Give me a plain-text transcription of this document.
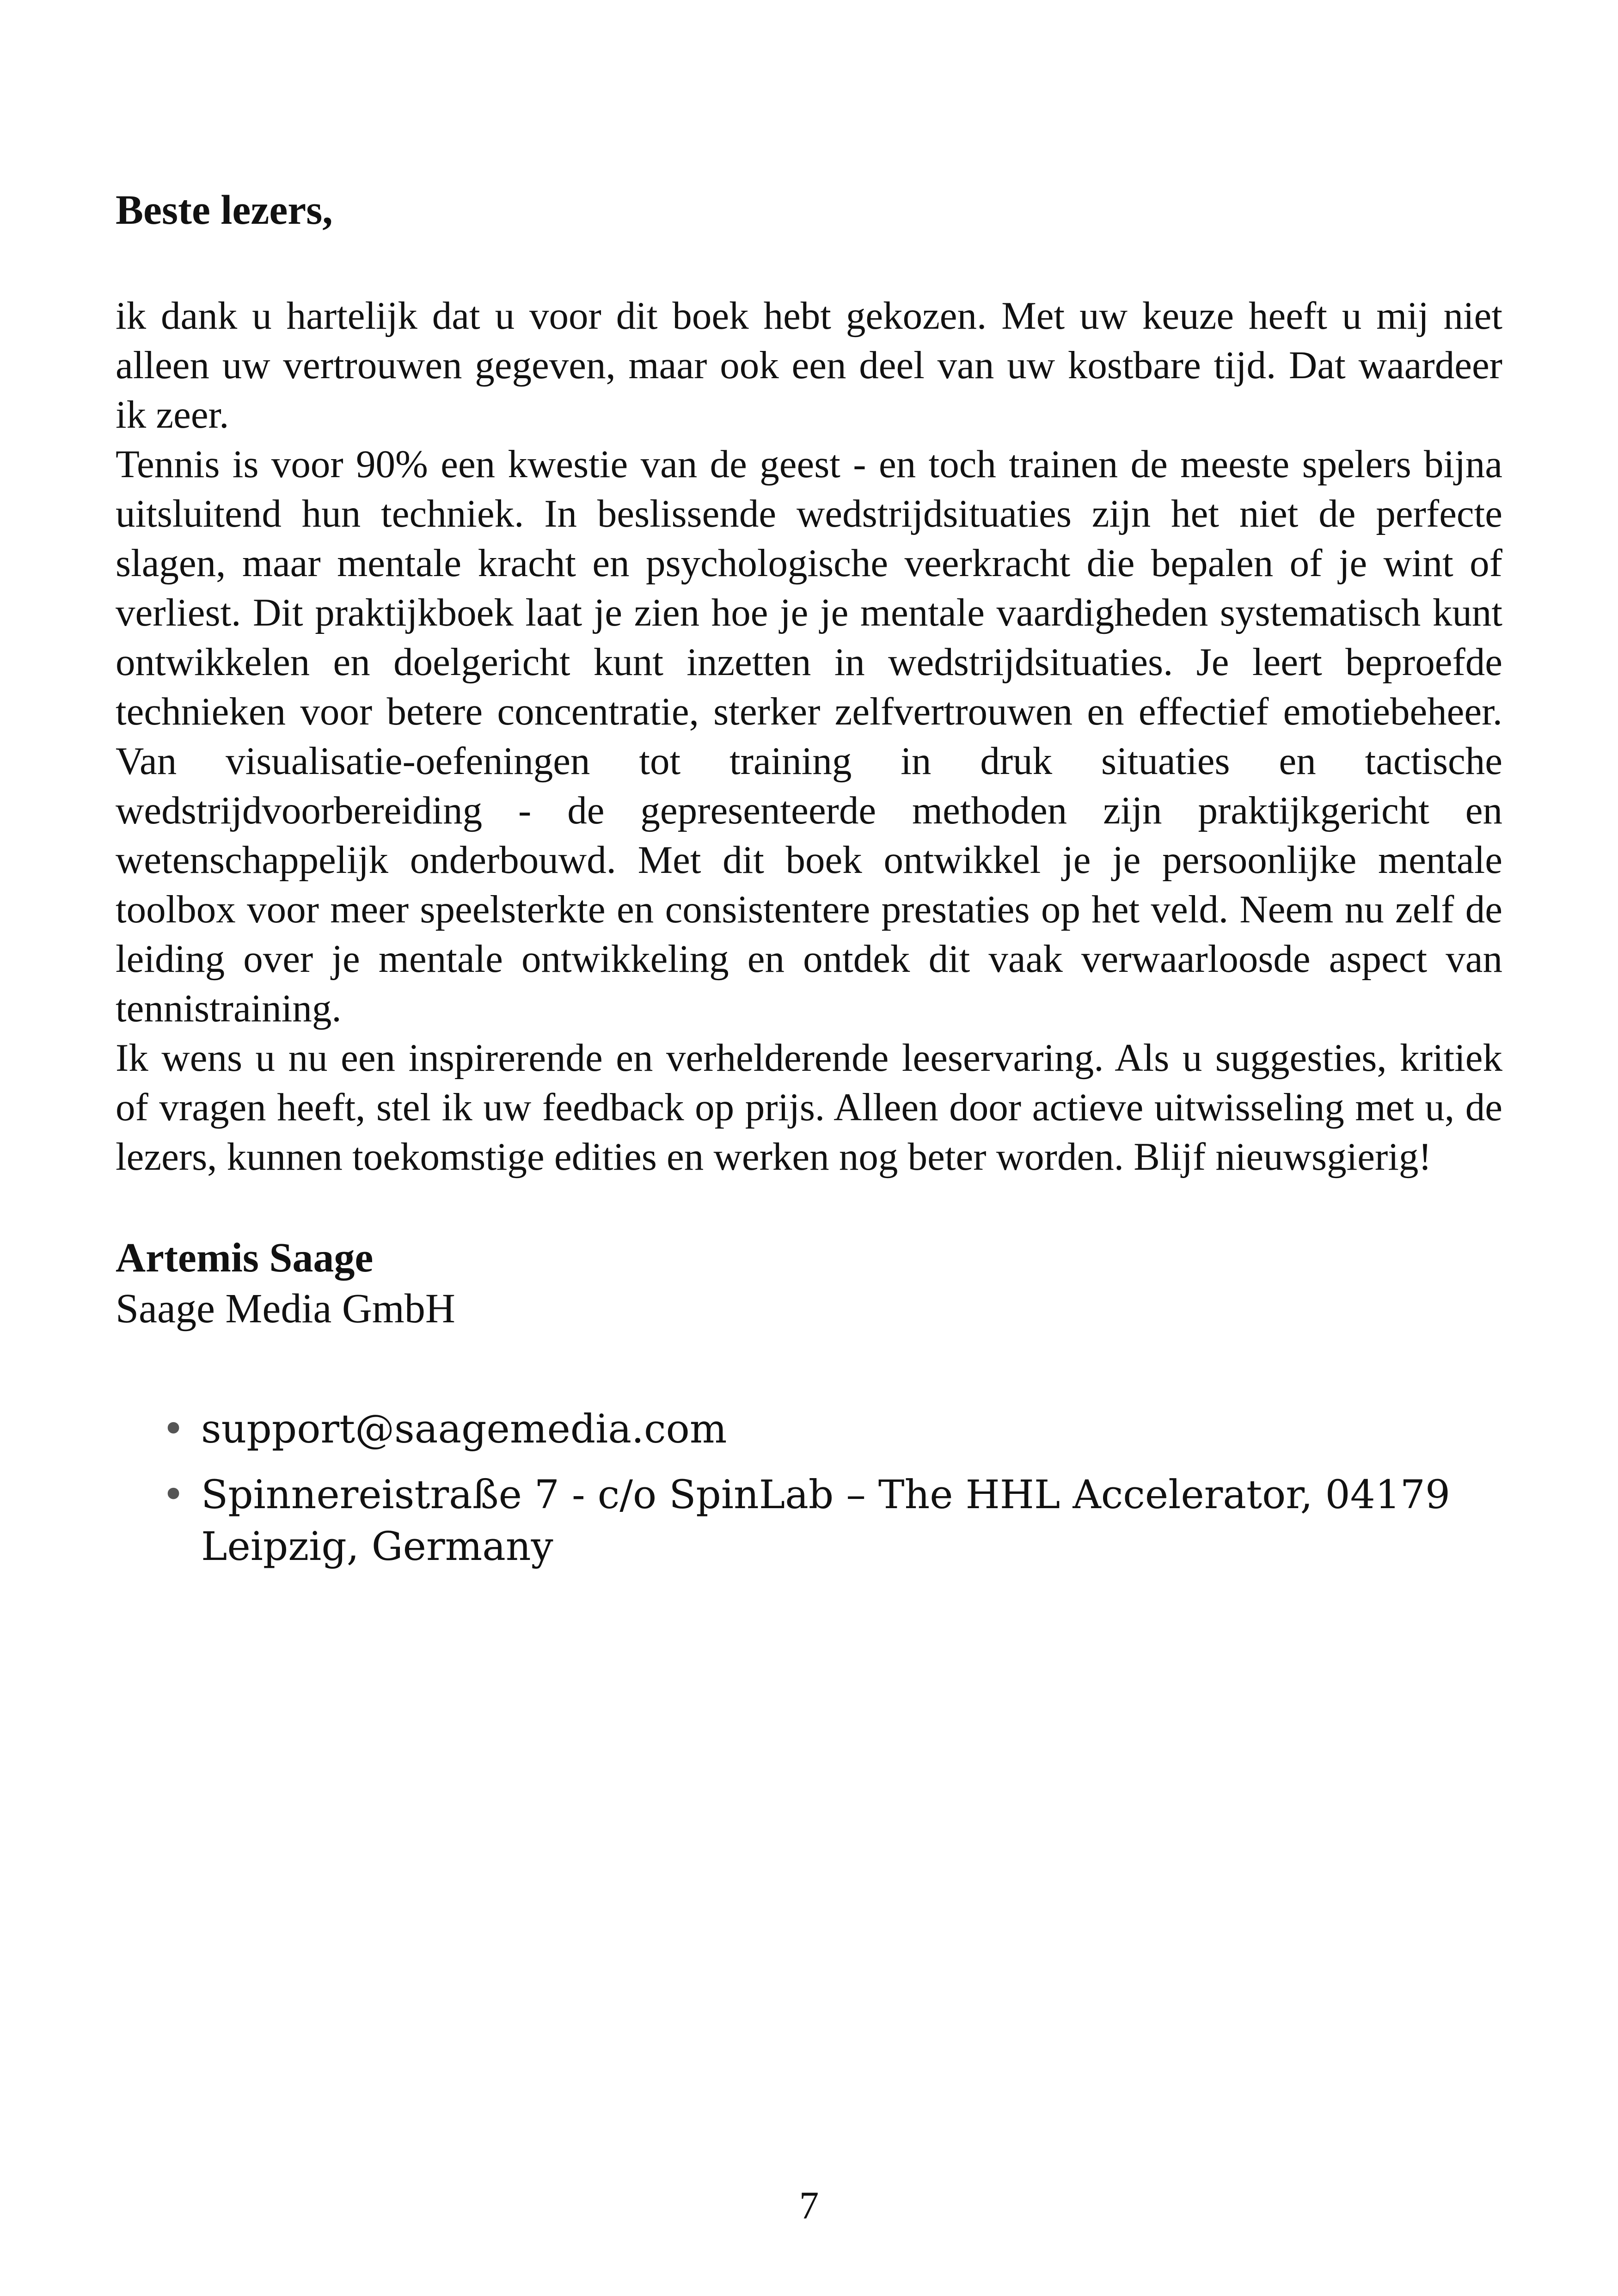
Beste lezers,

ik dank u hartelijk dat u voor dit boek hebt gekozen. Met uw keuze heeft u mij niet alleen uw vertrouwen gegeven, maar ook een deel van uw kostbare tijd. Dat waardeer ik zeer.

Tennis is voor 90% een kwestie van de geest - en toch trainen de meeste spelers bijna uitsluitend hun techniek. In beslissende wedstrijdsituaties zijn het niet de perfecte slagen, maar mentale kracht en psychologische veerkracht die bepalen of je wint of verliest. Dit praktijkboek laat je zien hoe je je mentale vaardigheden systematisch kunt ontwikkelen en doelgericht kunt inzetten in wedstrijdsituaties. Je leert beproefde technieken voor betere concentratie, sterker zelfvertrouwen en effectief emotiebeheer. Van visualisatie-oefeningen tot training in druk situaties en tactische wedstrijdvoorbereiding - de gepresenteerde methoden zijn praktijkgericht en wetenschappelijk onderbouwd. Met dit boek ontwikkel je je persoonlijke mentale toolbox voor meer speelsterkte en consistentere prestaties op het veld. Neem nu zelf de leiding over je mentale ontwikkeling en ontdek dit vaak verwaarloosde aspect van tennistraining.

Ik wens u nu een inspirerende en verhelderende leeservaring. Als u suggesties, kritiek of vragen heeft, stel ik uw feedback op prijs. Alleen door actieve uitwisseling met u, de lezers, kunnen toekomstige edities en werken nog beter worden. Blijf nieuwsgierig!

Artemis Saage
Saage Media GmbH
• support@saagemedia.com
• Spinnereistraße 7 - c/o SpinLab – The HHL Accelerator, 04179 Leipzig, Germany
7
